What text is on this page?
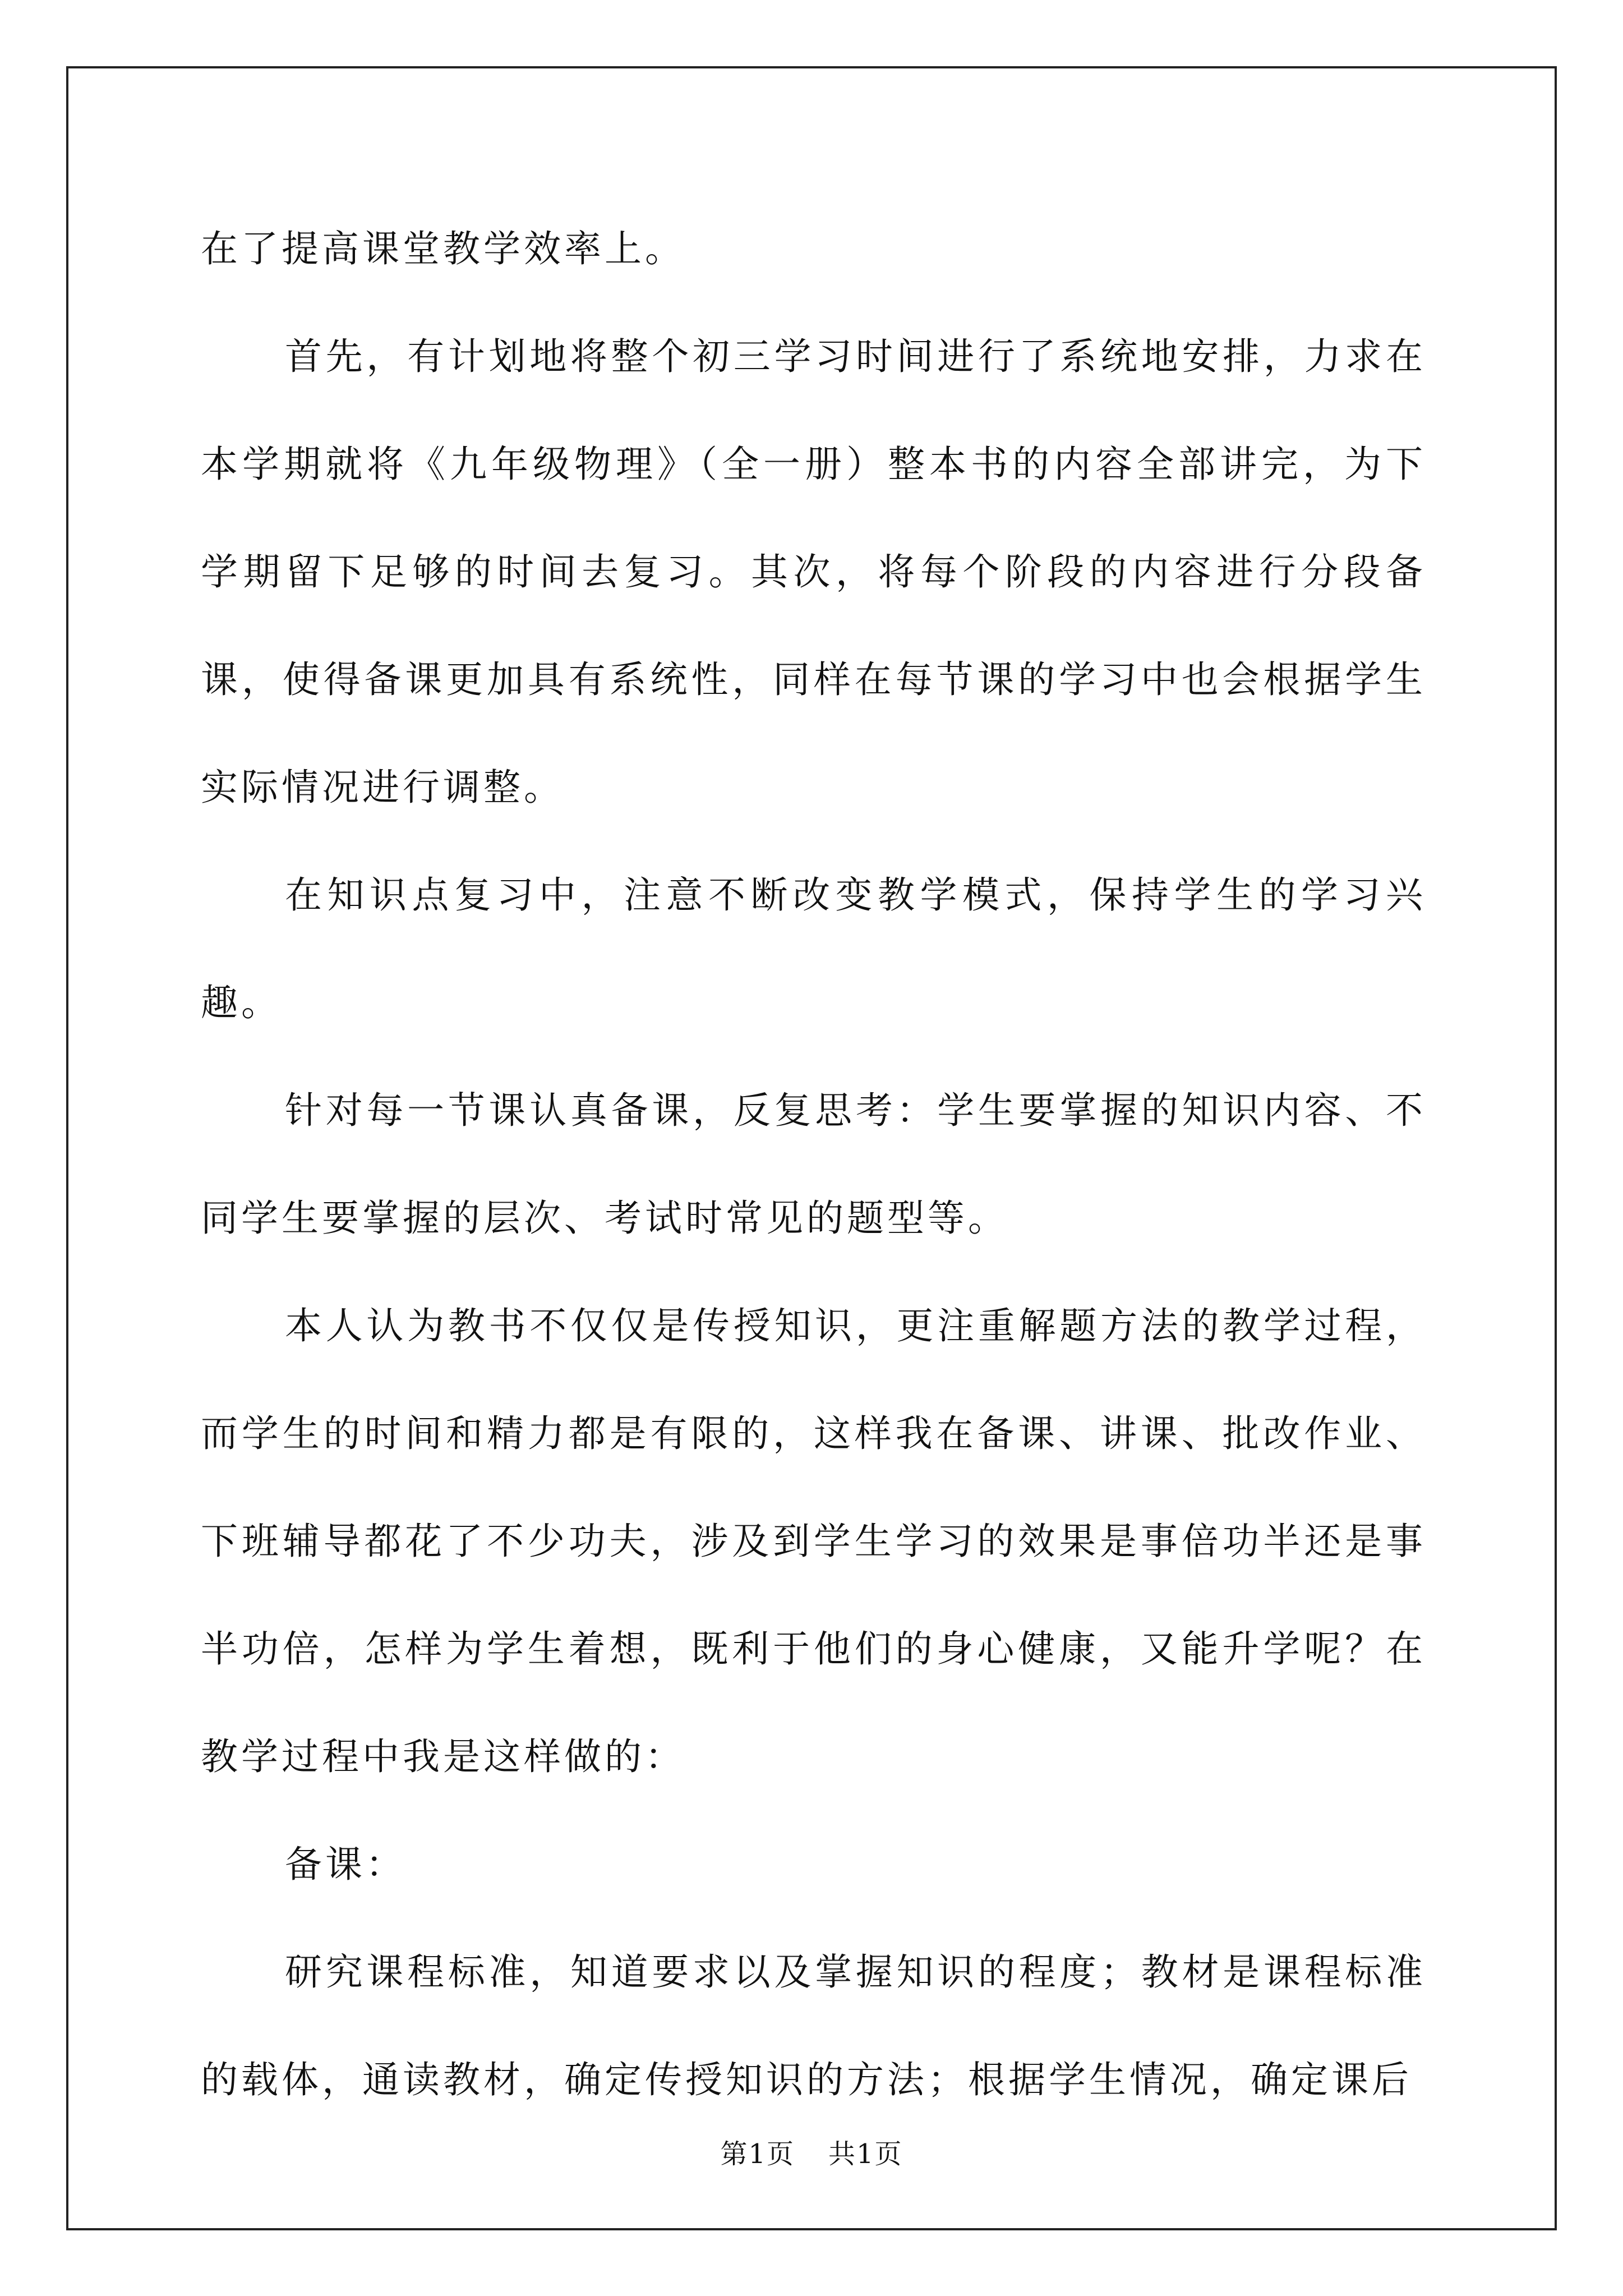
在了提高课堂教学效率上。

首先，有计划地将整个初三学习时间进行了系统地安排，力求在本学期就将《九年级物理》（全一册）整本书的内容全部讲完，为下学期留下足够的时间去复习。其次，将每个阶段的内容进行分段备课，使得备课更加具有系统性，同样在每节课的学习中也会根据学生实际情况进行调整。

在知识点复习中，注意不断改变教学模式，保持学生的学习兴趣。

针对每一节课认真备课，反复思考：学生要掌握的知识内容、不同学生要掌握的层次、考试时常见的题型等。

本人认为教书不仅仅是传授知识，更注重解题方法的教学过程，而学生的时间和精力都是有限的，这样我在备课、讲课、批改作业、下班辅导都花了不少功夫，涉及到学生学习的效果是事倍功半还是事半功倍，怎样为学生着想，既利于他们的身心健康，又能升学呢？在教学过程中我是这样做的：

备课：

研究课程标准，知道要求以及掌握知识的程度；教材是课程标准的载体，通读教材，确定传授知识的方法；根据学生情况，确定课后

第1页 共1页
